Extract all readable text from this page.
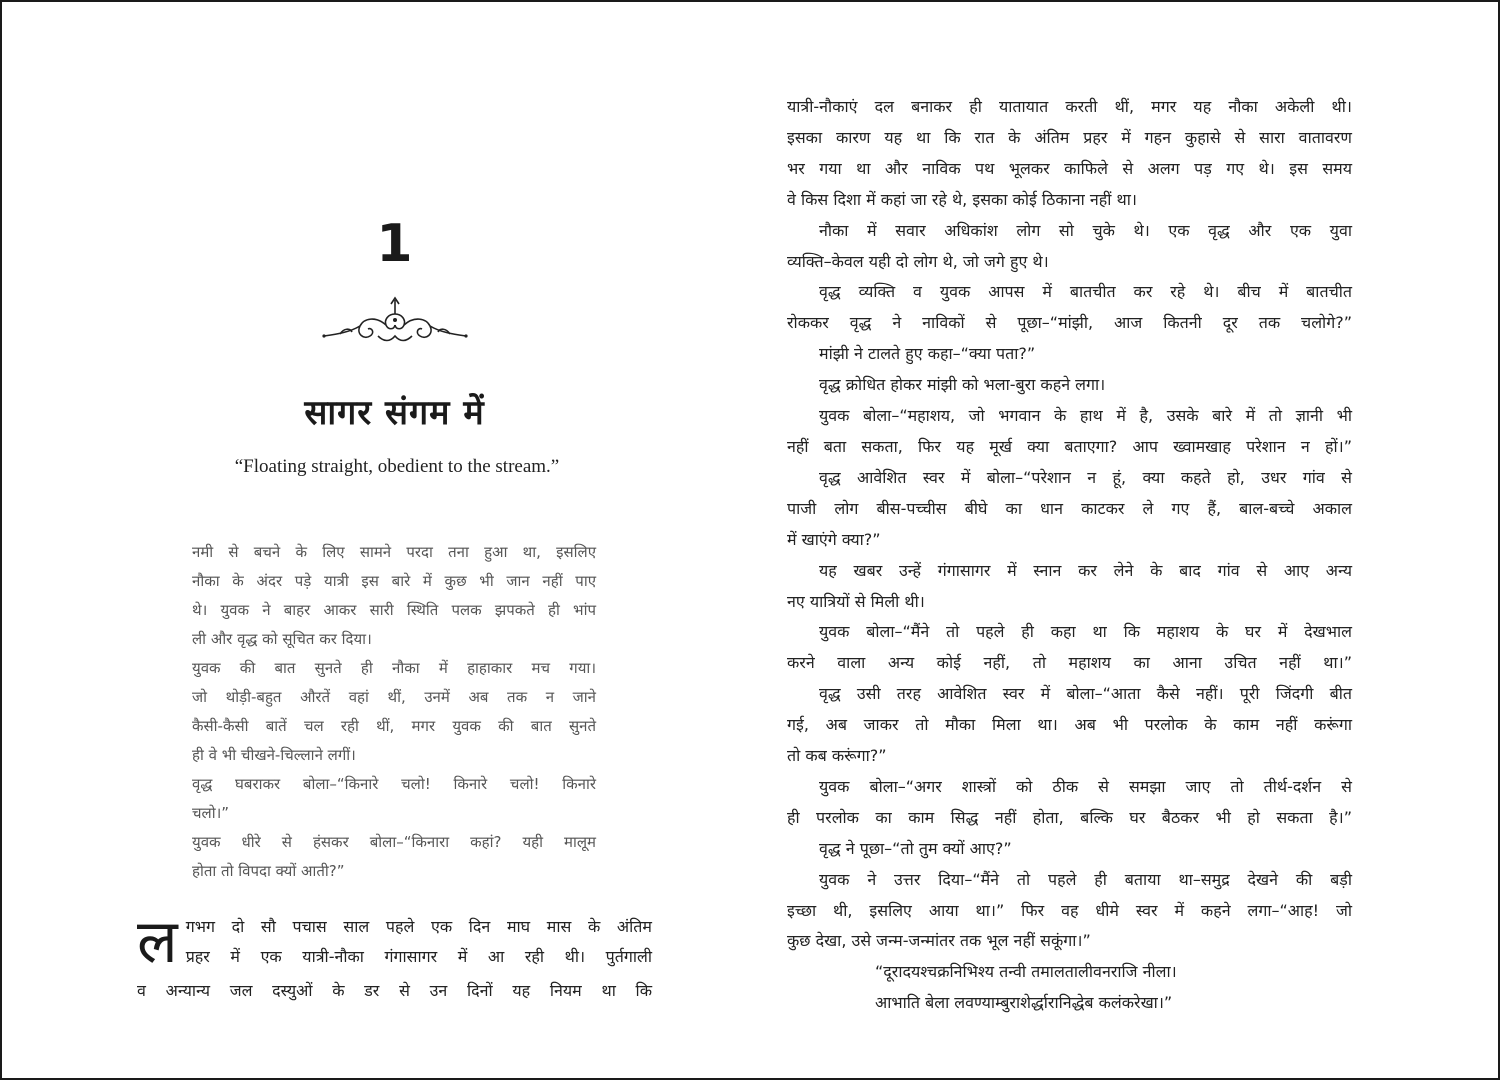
1
सागर संगम में
“Floating straight, obedient to the stream.”

नमी से बचने के लिए सामने परदा तना हुआ था, इसलिए

नौका के अंदर पड़े यात्री इस बारे में कुछ भी जान नहीं पाए

थे। युवक ने बाहर आकर सारी स्थिति पलक झपकते ही भांप

ली और वृद्ध को सूचित कर दिया।

युवक की बात सुनते ही नौका में हाहाकार मच गया।

जो थोड़ी-बहुत औरतें वहां थीं, उनमें अब तक न जाने

कैसी-कैसी बातें चल रही थीं, मगर युवक की बात सुनते

ही वे भी चीखने-चिल्लाने लगीं।

वृद्ध घबराकर बोला–“किनारे चलो! किनारे चलो! किनारे

चलो।”

युवक धीरे से हंसकर बोला–“किनारा कहां? यही मालूम

होता तो विपदा क्यों आती?”

ल गभग दो सौ पचास साल पहले एक दिन माघ मास के अंतिम

प्रहर में एक यात्री-नौका गंगासागर में आ रही थी। पुर्तगाली

व अन्यान्य जल दस्युओं के डर से उन दिनों यह नियम था कि

यात्री-नौकाएं दल बनाकर ही यातायात करती थीं, मगर यह नौका अकेली थी।

इसका कारण यह था कि रात के अंतिम प्रहर में गहन कुहासे से सारा वातावरण

भर गया था और नाविक पथ भूलकर काफिले से अलग पड़ गए थे। इस समय

वे किस दिशा में कहां जा रहे थे, इसका कोई ठिकाना नहीं था।

नौका में सवार अधिकांश लोग सो चुके थे। एक वृद्ध और एक युवा

व्यक्ति–केवल यही दो लोग थे, जो जगे हुए थे।

वृद्ध व्यक्ति व युवक आपस में बातचीत कर रहे थे। बीच में बातचीत

रोककर वृद्ध ने नाविकों से पूछा–“मांझी, आज कितनी दूर तक चलोगे?”

मांझी ने टालते हुए कहा–“क्या पता?”

वृद्ध क्रोधित होकर मांझी को भला-बुरा कहने लगा।

युवक बोला–“महाशय, जो भगवान के हाथ में है, उसके बारे में तो ज्ञानी भी

नहीं बता सकता, फिर यह मूर्ख क्या बताएगा? आप ख्वामखाह परेशान न हों।”

वृद्ध आवेशित स्वर में बोला–“परेशान न हूं, क्या कहते हो, उधर गांव से

पाजी लोग बीस-पच्चीस बीघे का धान काटकर ले गए हैं, बाल-बच्चे अकाल

में खाएंगे क्या?”

यह खबर उन्हें गंगासागर में स्नान कर लेने के बाद गांव से आए अन्य

नए यात्रियों से मिली थी।

युवक बोला–“मैंने तो पहले ही कहा था कि महाशय के घर में देखभाल

करने वाला अन्य कोई नहीं, तो महाशय का आना उचित नहीं था।”

वृद्ध उसी तरह आवेशित स्वर में बोला–“आता कैसे नहीं। पूरी जिंदगी बीत

गई, अब जाकर तो मौका मिला था। अब भी परलोक के काम नहीं करूंगा

तो कब करूंगा?”

युवक बोला–“अगर शास्त्रों को ठीक से समझा जाए तो तीर्थ-दर्शन से

ही परलोक का काम सिद्ध नहीं होता, बल्कि घर बैठकर भी हो सकता है।”

वृद्ध ने पूछा–“तो तुम क्यों आए?”

युवक ने उत्तर दिया–“मैंने तो पहले ही बताया था–समुद्र देखने की बड़ी

इच्छा थी, इसलिए आया था।” फिर वह धीमे स्वर में कहने लगा–“आह! जो

कुछ देखा, उसे जन्म-जन्मांतर तक भूल नहीं सकूंगा।”

“दूरादयश्चक्रनिभिश्य तन्वी तमालतालीवनराजि नीला।

आभाति बेला लवण्याम्बुराशेर्द्धारानिद्धेब कलंकरेखा।”
